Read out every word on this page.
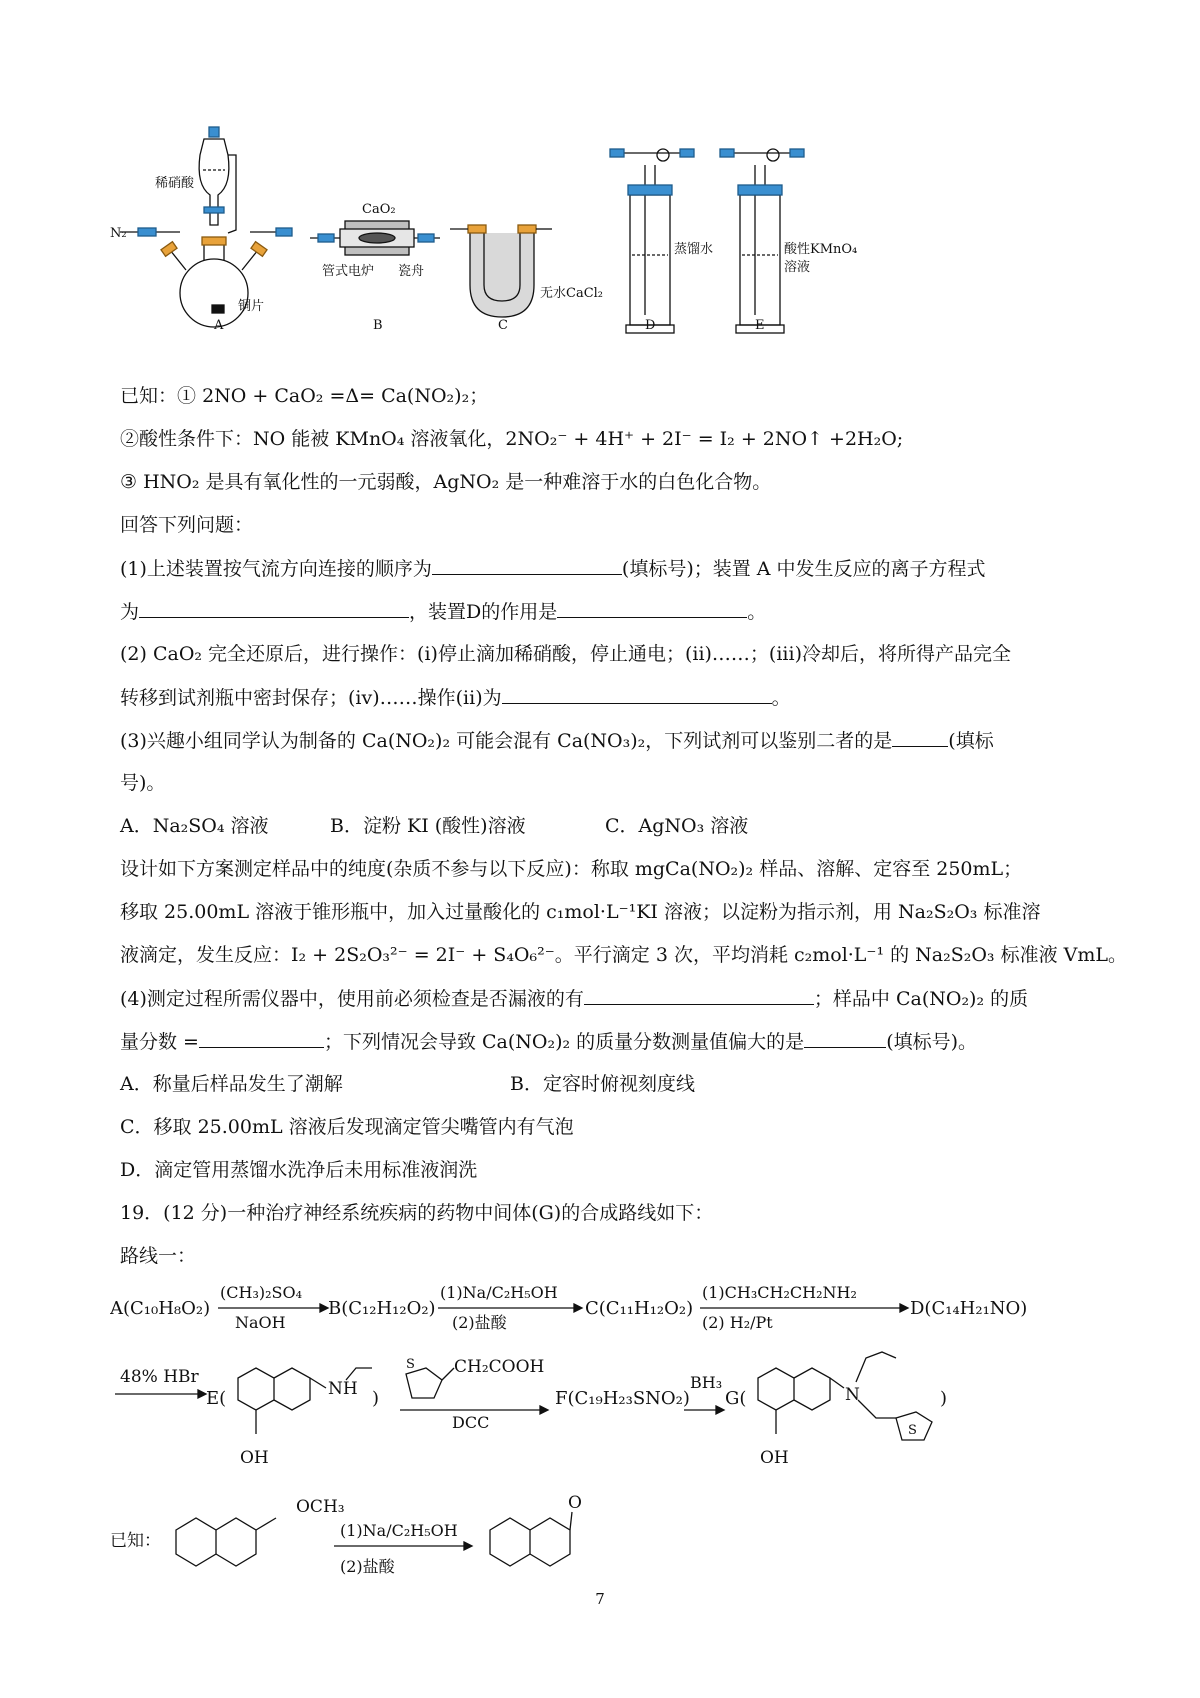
稀硝酸
N₂
铜片
CaO₂
管式电炉 瓷舟
无水CaCl₂
蒸馏水	酸性KMnO₄
溶液
A	B	C	D	E
已知：① 2NO + CaO₂ =Δ= Ca(NO₂)₂；
②酸性条件下：NO 能被 KMnO₄ 溶液氧化，2NO₂⁻ + 4H⁺ + 2I⁻ = I₂ + 2NO↑ +2H₂O;
③ HNO₂ 是具有氧化性的一元弱酸，AgNO₂ 是一种难溶于水的白色化合物。
回答下列问题：
(1)上述装置按气流方向连接的顺序为	(填标号)；装置 A 中发生反应的离子方程式
为	，装置D的作用是	。
(2) CaO₂ 完全还原后，进行操作：(i)停止滴加稀硝酸，停止通电；(ii)……；(iii)冷却后，将所得产品完全
转移到试剂瓶中密封保存；(iv)……操作(ii)为	。
(3)兴趣小组同学认为制备的 Ca(NO₂)₂ 可能会混有 Ca(NO₃)₂，下列试剂可以鉴别二者的是	(填标
号)。
A．Na₂SO₄ 溶液	B．淀粉 KI (酸性)溶液	C．AgNO₃ 溶液
设计如下方案测定样品中的纯度(杂质不参与以下反应)：称取 mgCa(NO₂)₂ 样品、溶解、定容至 250mL；
移取 25.00mL 溶液于锥形瓶中，加入过量酸化的 c₁mol·L⁻¹KI 溶液；以淀粉为指示剂，用 Na₂S₂O₃ 标准溶
液滴定，发生反应：I₂ + 2S₂O₃²⁻ = 2I⁻ + S₄O₆²⁻。平行滴定 3 次，平均消耗 c₂mol·L⁻¹ 的 Na₂S₂O₃ 标准液 VmL。
(4)测定过程所需仪器中，使用前必须检查是否漏液的有	；样品中 Ca(NO₂)₂ 的质
量分数 =	；下列情况会导致 Ca(NO₂)₂ 的质量分数测量值偏大的是	(填标号)。
A．称量后样品发生了潮解	B．定容时俯视刻度线
C．移取 25.00mL 溶液后发现滴定管尖嘴管内有气泡
D．滴定管用蒸馏水洗净后未用标准液润洗
19．(12 分)一种治疗神经系统疾病的药物中间体(G)的合成路线如下：
路线一：
A(C₁₀H₈O₂)
(CH₃)₂SO₄
NaOH
B(C₁₂H₁₂O₂)
(1)Na/C₂H₅OH
(2)盐酸
C(C₁₁H₁₂O₂)
(1)CH₃CH₂CH₂NH₂
(2) H₂/Pt
D(C₁₄H₂₁NO)
48% HBr
E(	NH
OH
)
CH₂COOH
S
DCC
F(C₁₉H₂₃SNO₂)
BH₃
G(	N
OH
)
S
已知：
OCH₃
(1)Na/C₂H₅OH
(2)盐酸
O
7
